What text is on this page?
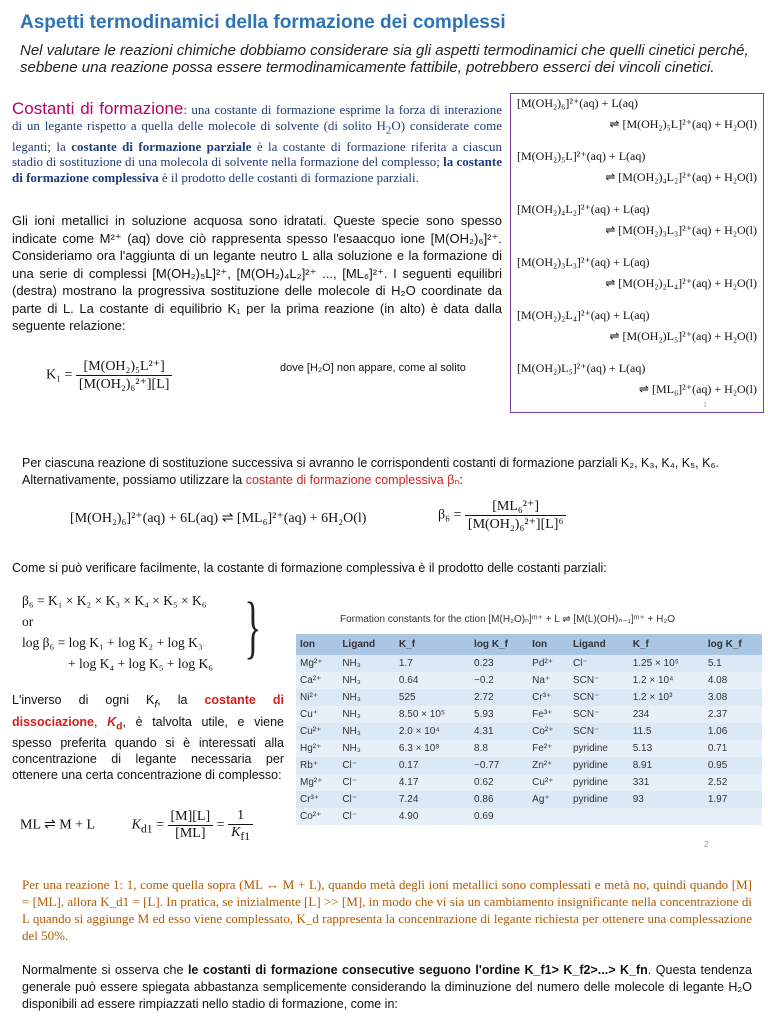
Aspetti termodinamici della formazione dei complessi
Nel valutare le reazioni chimiche dobbiamo considerare sia gli aspetti termodinamici che quelli cinetici perché, sebbene una reazione possa essere termodinamicamente fattibile, potrebbero esserci dei vincoli cinetici.
Costanti di formazione: una costante di formazione esprime la forza di interazione di un legante rispetto a quella delle molecole di solvente (di solito $H_2O$) considerate come leganti; la costante di formazione parziale è la costante di formazione riferita a ciascun stadio di sostituzione di una molecola di solvente nella formazione del complesso; la costante di formazione complessiva è il prodotto delle costanti di formazione parziali.
Gli ioni metallici in soluzione acquosa sono idratati. Queste specie sono spesso indicate come M²⁺ (aq) dove ciò rappresenta spesso l'esaacquo ione [M(OH₂)₆]²⁺. Consideriamo ora l'aggiunta di un legante neutro L alla soluzione e la formazione di una serie di complessi [M(OH₂)₅L]²⁺, [M(OH₂)₄L₂]²⁺ ..., [ML₆]²⁺. I seguenti equilibri (destra) mostrano la progressiva sostituzione delle molecole di H₂O coordinate da parte di L. La costante di equilibrio K₁ per la prima reazione (in alto) è data dalla seguente relazione:
[M(OH₂)₆]²⁺(aq) + L(aq)
⇌ [M(OH₂)₅L]²⁺(aq) + H₂O(l)
[M(OH₂)₅L]²⁺(aq) + L(aq)
⇌ [M(OH₂)₄L₂]²⁺(aq) + H₂O(l)
[M(OH₂)₄L₂]²⁺(aq) + L(aq)
⇌ [M(OH₂)₃L₃]²⁺(aq) + H₂O(l)
[M(OH₂)₃L₃]²⁺(aq) + L(aq)
⇌ [M(OH₂)₂L₄]²⁺(aq) + H₂O(l)
[M(OH₂)₂L₄]²⁺(aq) + L(aq)
⇌ [M(OH₂)L₅]²⁺(aq) + H₂O(l)
[M(OH₂)L₅]²⁺(aq) + L(aq)
⇌ [ML₆]²⁺(aq) + H₂O(l)
1
$K_1 = \frac{\text{[M(OH₂)₅L²⁺]}}{\text{[M(OH₂)₆²⁺][L]}}$	dove [H₂O] non appare, come al solito
Per ciascuna reazione di sostituzione successiva si avranno le corrispondenti costanti di formazione parziali K₂, K₃, K₄, K₅, K₆. Alternativamente, possiamo utilizzare la costante di formazione complessiva βₙ:
[M(OH₂)₆]²⁺(aq) + 6L(aq) ⇌ [ML₆]²⁺(aq) + 6H₂O(l)	$\beta_6 = \frac{\text{[ML₆²⁺]}}{\text{[M(OH₂)₆²⁺][L]⁶}}$
Come si può verificare facilmente, la costante di formazione complessiva è il prodotto delle costanti parziali:
β₆ = K₁ × K₂ × K₃ × K₄ × K₅ × K₆
or
log β₆ = log K₁ + log K₂ + log K₃
+ log K₄ + log K₅ + log K₆ }
L'inverso di ogni $K_f$, la costante di dissociazione, $K_d$, è talvolta utile, e viene spesso preferita quando si è interessati alla concentrazione di legante necessaria per ottenere una certa concentrazione di complesso:
ML ⇌ M + L	$K_{d1} = \frac{[M][L]}{[ML]} = \frac{1}{K_{f1}}$
Formation constants for the ction [M(H₂O)ₙ]ᵐ⁺ + L ⇌ [M(L)(OH)ₙ₋₁]ᵐ⁺ + H₂O
Ion	Ligand	K_f	log K_f	Ion	Ligand	K_f	log K_f
Mg²⁺	NH₃	1.7	0.23	Pd²⁺	Cl⁻	1.25 × 10⁵	5.1
Ca²⁺	NH₃	0.64	−0.2	Na⁺	SCN⁻	1.2 × 10⁴	4.08
Ni²⁺	NH₃	525	2.72	Cr³⁺	SCN⁻	1.2 × 10³	3.08
Cu⁺	NH₃	8.50 × 10⁵	5.93	Fe³⁺	SCN⁻	234	2.37
Cu²⁺	NH₃	2.0 × 10⁴	4.31	Co²⁺	SCN⁻	11.5	1.06
Hg²⁺	NH₃	6.3 × 10⁸	8.8	Fe²⁺	pyridine	5.13	0.71
Rb⁺	Cl⁻	0.17	−0.77	Zn²⁺	pyridine	8.91	0.95
Mg²⁺	Cl⁻	4.17	0.62	Cu²⁺	pyridine	331	2.52
Cr³⁺	Cl⁻	7.24	0.86	Ag⁺	pyridine	93	1.97
Co²⁺	Cl⁻	4.90	0.69				
2
Per una reazione 1: 1, come quella sopra (ML ↔ M + L), quando metà degli ioni metallici sono complessati e metà no, quindi quando [M] = [ML], allora K_d1 = [L]. In pratica, se inizialmente [L] >> [M], in modo che vi sia un cambiamento insignificante nella concentrazione di L quando si aggiunge M ed esso viene complessato, K_d rappresenta la concentrazione di legante richiesta per ottenere una complessazione del 50%.
Normalmente si osserva che le costanti di formazione consecutive seguono l'ordine K_f1> K_f2>...> K_fn. Questa tendenza generale può essere spiegata abbastanza semplicemente considerando la diminuzione del numero delle molecole di legante H₂O disponibili ad essere rimpiazzati nello stadio di formazione, come in:
